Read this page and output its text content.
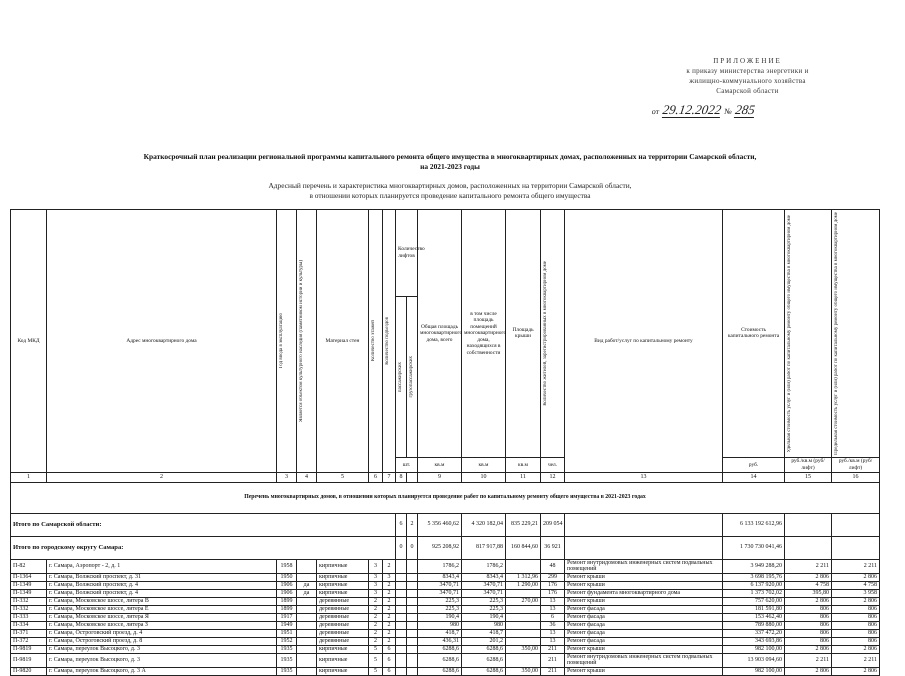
ПРИЛОЖЕНИЕ
к приказу министерства энергетики и
жилищно-коммунального хозяйства
Самарской области
от 29.12.2022 № 285
Краткосрочный план реализации региональной программы капитального ремонта общего имущества в многоквартирных домах, расположенных на территории Самарской области,
на 2021-2023 годы
Адресный перечень и характеристика многоквартирных домов, расположенных на территории Самарской области,
в отношении которых планируется проведение капитального ремонта общего имущества
Код МКД	Адрес многоквартирного дома	Год ввода в эксплуатацию	Является объектом культурного наследия (памятником истории и культуры)	Материал стен	Количество этажей	Количество подъездов	Количество лифтов		Общая площадь многоквартирного дома, всего	в том числе площадь помещений многоквартирного дома, находящихся в собственности	Площадь крыши	Количество жителей, зарегистрированных в многоквартирном доме	Вид работ/услуг по капитальному ремонту	Стоимость капитального ремонта	Удельная стоимость услуг и (или) работ по капитальному ремонту общего имущества в многоквартирном доме	Предельная стоимость услуг и (или) работ по капитальному ремонту общего имущества в многоквартирном доме

							пассажирских	грузопассажирских								

							шт.		кв.м	кв.м	кв.м	чел.		руб.	руб./кв.м (руб/лифт)	руб./кв.м (руб/лифт)
1	2	3	4	5	6	7	8		9	10	11	12	13	14	15	16
Перечень многоквартирных домов, в отношении которых планируется проведение работ по капитальному ремонту общего имущества в 2021-2023 годах																
Итого по Самарской области:							6	2	5 356 460,62	4 320 182,04	835 229,21	209 054		6 133 192 612,96		
Итого по городскому округу Самара:							0	0	925 208,92	817 917,88	160 844,60	36 921		1 730 730 041,46		
П-82	г. Самара, Аэропорт - 2, д. 1	1958		кирпичные	3	2			1786,2	1786,2		48	Ремонт внутридомовых инженерных систем подвальных помещений	3 949 288,20	2 211	2 211
П-1364	г. Самара, Волжский проспект, д. 31	1950		кирпичные	3	3			8343,4	8343,4	1 312,96	299	Ремонт крыши	3 698 195,76	2 806	2 806
П-1349	г. Самара, Волжский проспект, д. 4	1906	да	кирпичные	3	2			3470,71	3470,71	1 290,00	176	Ремонт крыши	6 137 920,00	4 758	4 758
П-1349	г. Самара, Волжский проспект, д. 4	1906	да	кирпичные	3	2			3470,71	3470,71		176	Ремонт фундамента многоквартирного дома	1 373 702,02	395,80	3 958
П-332	г. Самара, Московское шоссе, литера В	1899		деревянные	2	2			225,3	225,3	270,00	13	Ремонт крыши	757 620,00	2 806	2 806
П-332	г. Самара, Московское шоссе, литера Е	1899		деревянные	2	2			225,3	225,3		13	Ремонт фасада	181 591,80	806	806
П-333	г. Самара, Московское шоссе, литера Я	1917		деревянные	2	2			190,4	190,4		6	Ремонт фасада	153 462,40	806	806
П-334	г. Самара, Московское шоссе, литера З	1949		деревянные	2	2			980	980		36	Ремонт фасада	789 880,00	806	806
П-371	г. Самара, Остроговский проезд, д. 4	1951		деревянные	2	2			418,7	418,7		13	Ремонт фасада	337 472,20	806	806
П-372	г. Самара, Остроговский проезд, д. 8	1952		деревянные	2	2			436,31	201,2		13	Ремонт фасада	343 693,86	806	806
П-9819	г. Самара, переулок Высоцкого, д. 3	1935		кирпичные	5	6			6288,6	6288,6	350,00	211	Ремонт крыши	982 100,00	2 806	2 806
П-9819	г. Самара, переулок Высоцкого, д. 3	1935		кирпичные	5	6			6288,6	6288,6		211	Ремонт внутридомовых инженерных систем подвальных помещений	13 903 094,60	2 211	2 211
П-9820	г. Самара, переулок Высоцкого, д. 3 А	1935		кирпичные	5	6			6288,6	6288,6	350,00	211	Ремонт крыши	982 100,00	2 806	2 806
